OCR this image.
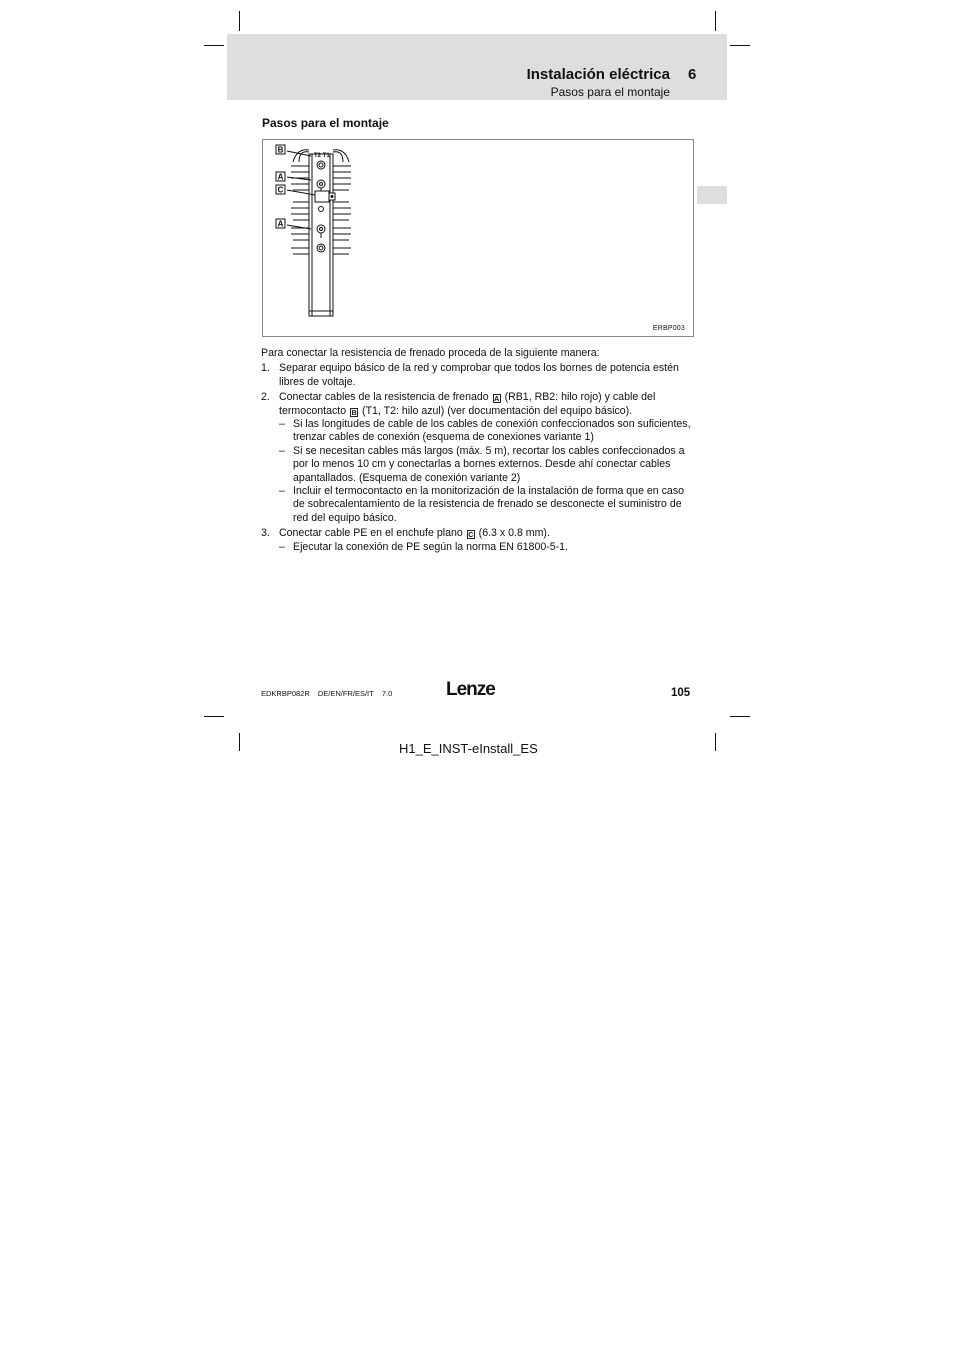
Instalación eléctrica 6
Pasos para el montaje
Pasos para el montaje
T2 T1
B
A
C
A
ERBP003

Para conectar la resistencia de frenado proceda de la siguiente manera:

1. Separar equipo básico de la red y comprobar que todos los bornes de potencia estén libres de voltaje.
2. Conectar cables de la resistencia de frenado A (RB1, RB2: hilo rojo) y cable del termocontacto B (T1, T2: hilo azul) (ver documentación del equipo básico).
– Si las longitudes de cable de los cables de conexión confeccionados son suficientes, trenzar cables de conexión (esquema de conexiones variante 1)
– Si se necesitan cables más largos (máx. 5 m), recortar los cables confeccionados a por lo menos 10 cm y conectarlas a bornes externos. Desde ahí conectar cables apantallados. (Esquema de conexión variante 2)
– Incluir el termocontacto en la monitorización de la instalación de forma que en caso de sobrecalentamiento de la resistencia de frenado se desconecte el suministro de red del equipo básico.
3. Conectar cable PE en el enchufe plano C (6.3 x 0.8 mm).
– Ejecutar la conexión de PE según la norma EN 61800-5-1.
EDKRBP082R DE/EN/FR/ES/IT 7.0	Lenze	105
H1_E_INST-eInstall_ES
